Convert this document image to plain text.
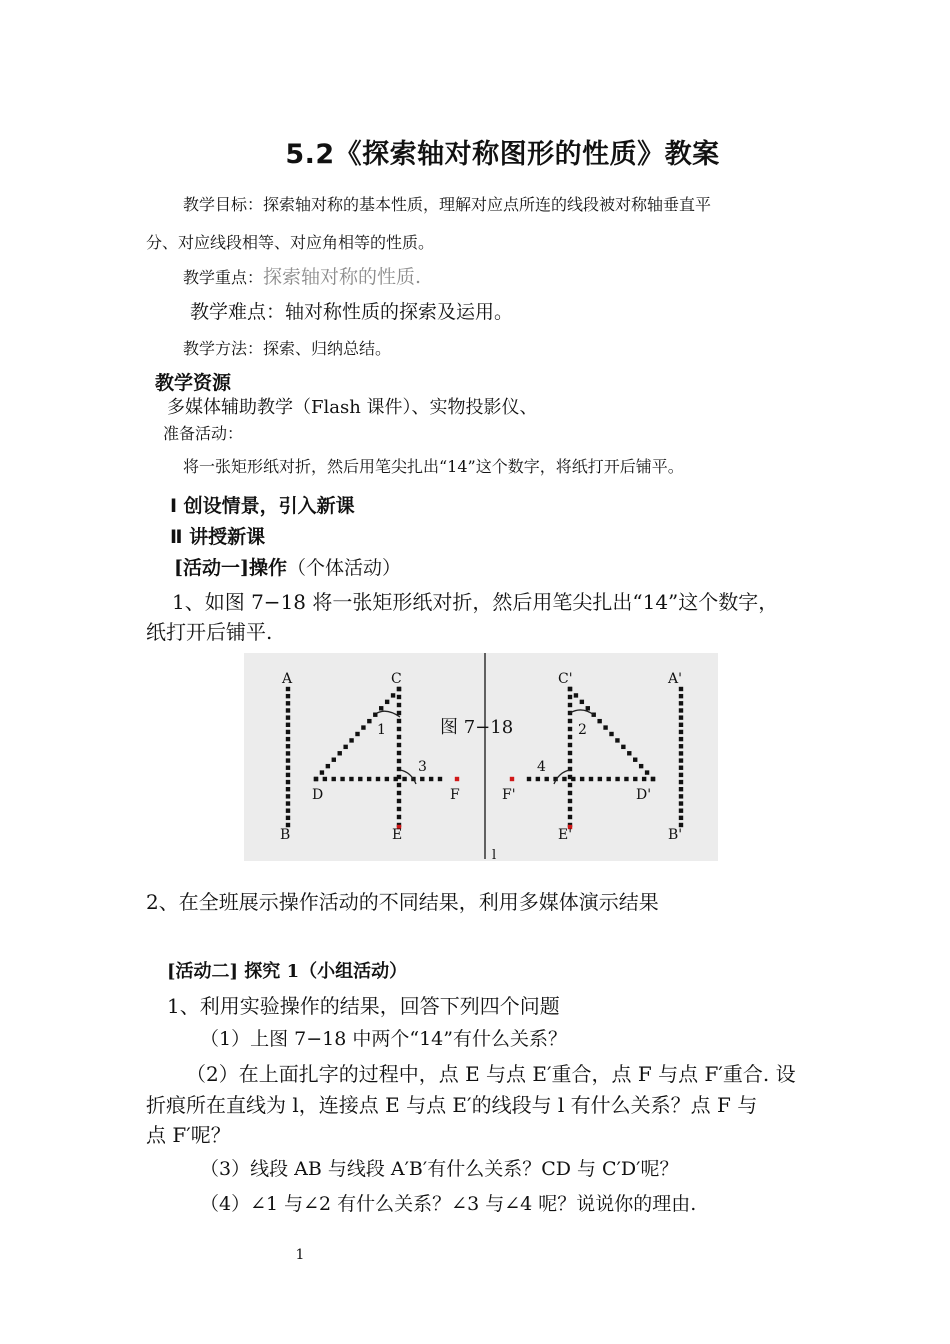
5.2《探索轴对称图形的性质》教案
教学目标：探索轴对称的基本性质，理解对应点所连的线段被对称轴垂直平
分、对应线段相等、对应角相等的性质。
教学重点：探索轴对称的性质.
教学难点：轴对称性质的探索及运用。
教学方法：探索、归纳总结。
教学资源
多媒体辅助教学（Flash 课件）、实物投影仪、
准备活动：
将一张矩形纸对折，然后用笔尖扎出“14”这个数字，将纸打开后铺平。
Ⅰ 创设情景，引入新课
Ⅱ 讲授新课
[活动一]操作（个体活动）
1、如图 7−18 将一张矩形纸对折，然后用笔尖扎出“14”这个数字，
纸打开后铺平.
A
B
C
D
E
F
1
3
A'
B'
C'
D'
E'
F'
2
4
l
图 7−18
2、在全班展示操作活动的不同结果，利用多媒体演示结果
[活动二] 探究 1（小组活动）
1、利用实验操作的结果，回答下列四个问题
（1）上图 7−18 中两个“14”有什么关系？
（2）在上面扎字的过程中，点 E 与点 E′重合，点 F 与点 F′重合. 设
折痕所在直线为 l，连接点 E 与点 E′的线段与 l 有什么关系？点 F 与
点 F′呢？
（3）线段 AB 与线段 A′B′有什么关系？CD 与 C′D′呢？
（4）∠1 与∠2 有什么关系？∠3 与∠4 呢？说说你的理由.
1
